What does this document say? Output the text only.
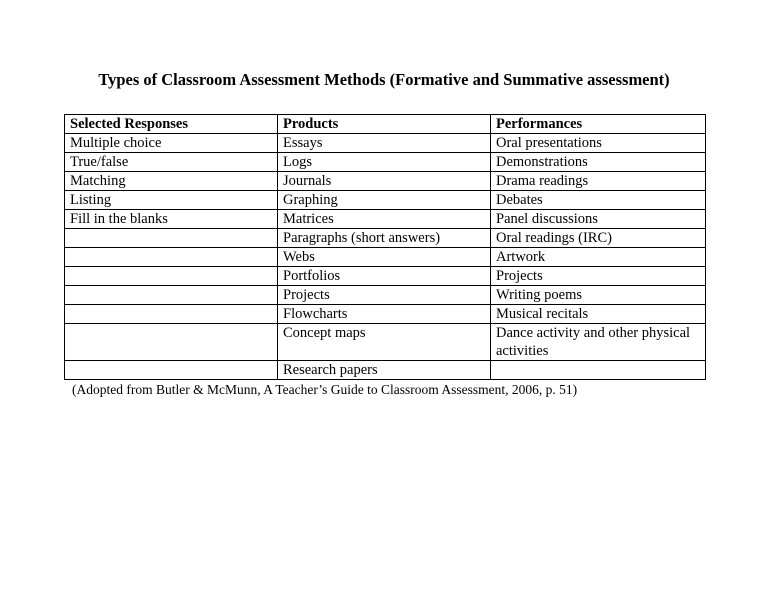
Types of Classroom Assessment Methods (Formative and Summative assessment)
Selected Responses	Products	Performances

Multiple choice	Essays	Oral presentations

True/false	Logs	Demonstrations

Matching	Journals	Drama readings

Listing	Graphing	Debates

Fill in the blanks	Matrices	Panel discussions

	Paragraphs (short answers)	Oral readings (IRC)

	Webs	Artwork

	Portfolios	Projects

	Projects	Writing poems

	Flowcharts	Musical recitals

	Concept maps	Dance activity and other physical activities

	Research papers	

(Adopted from Butler & McMunn, A Teacher’s Guide to Classroom Assessment, 2006, p. 51)
